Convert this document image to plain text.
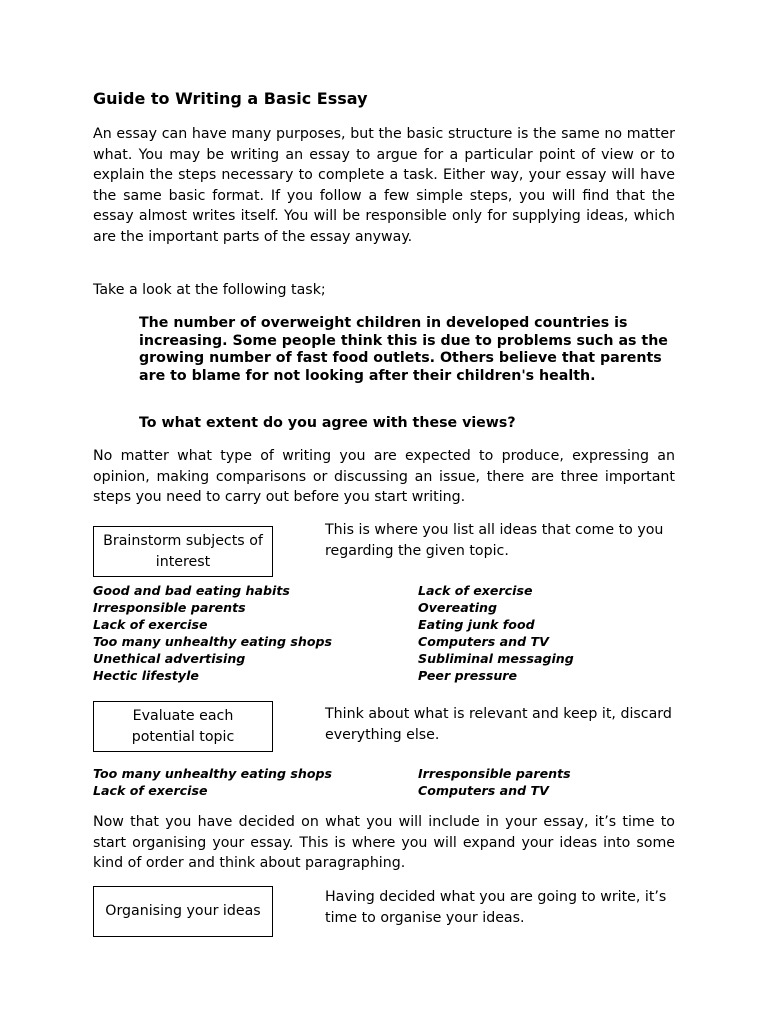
Guide to Writing a Basic Essay

An essay can have many purposes, but the basic structure is the same no matter what. You may be writing an essay to argue for a particular point of view or to explain the steps necessary to complete a task. Either way, your essay will have the same basic format. If you follow a few simple steps, you will find that the essay almost writes itself. You will be responsible only for supplying ideas, which are the important parts of the essay anyway.

Take a look at the following task;

The number of overweight children in developed countries is increasing. Some people think this is due to problems such as the growing number of fast food outlets. Others believe that parents are to blame for not looking after their children's health.

To what extent do you agree with these views?

No matter what type of writing you are expected to produce, expressing an opinion, making comparisons or discussing an issue, there are three important steps you need to carry out before you start writing.

Brainstorm subjects of interest

This is where you list all ideas that come to you regarding the given topic.

Good and bad eating habits
Irresponsible parents
Lack of exercise
Too many unhealthy eating shops
Unethical advertising
Hectic lifestyle
Lack of exercise
Overeating
Eating junk food
Computers and TV
Subliminal messaging
Peer pressure
Evaluate each potential topic

Think about what is relevant and keep it, discard everything else.

Too many unhealthy eating shops
Lack of exercise
Irresponsible parents
Computers and TV

Now that you have decided on what you will include in your essay, it’s time to start organising your essay. This is where you will expand your ideas into some kind of order and think about paragraphing.

Organising your ideas

Having decided what you are going to write, it’s time to organise your ideas.
